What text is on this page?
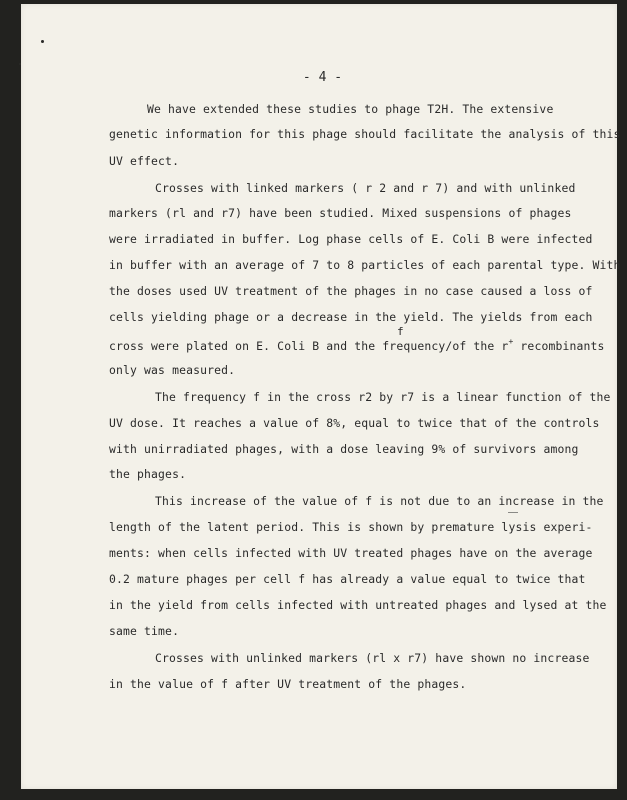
- 4 -
We have extended these studies to phage T2H. The extensive
genetic information for this phage should facilitate the analysis of this
UV effect.
Crosses with linked markers ( r 2 and r 7) and with unlinked
markers (rl and r7) have been studied. Mixed suspensions of phages
were irradiated in buffer. Log phase cells of E. Coli B were infected
in buffer with an average of 7 to 8 particles of each parental type. With
the doses used UV treatment of the phages in no case caused a loss of
cells yielding phage or a decrease in the yield. The yields from each
f
cross were plated on E. Coli B and the frequency/of the r+ recombinants
only was measured.
The frequency f in the cross r2 by r7 is a linear function of the
UV dose. It reaches a value of 8%, equal to twice that of the controls
with unirradiated phages, with a dose leaving 9% of survivors among
the phages.
This increase of the value of f is not due to an increase in the
length of the latent period. This is shown by premature lysis experi-
ments: when cells infected with UV treated phages have on the average
0.2 mature phages per cell f has already a value equal to twice that
in the yield from cells infected with untreated phages and lysed at the
same time.
Crosses with unlinked markers (rl x r7) have shown no increase
in the value of f after UV treatment of the phages.
